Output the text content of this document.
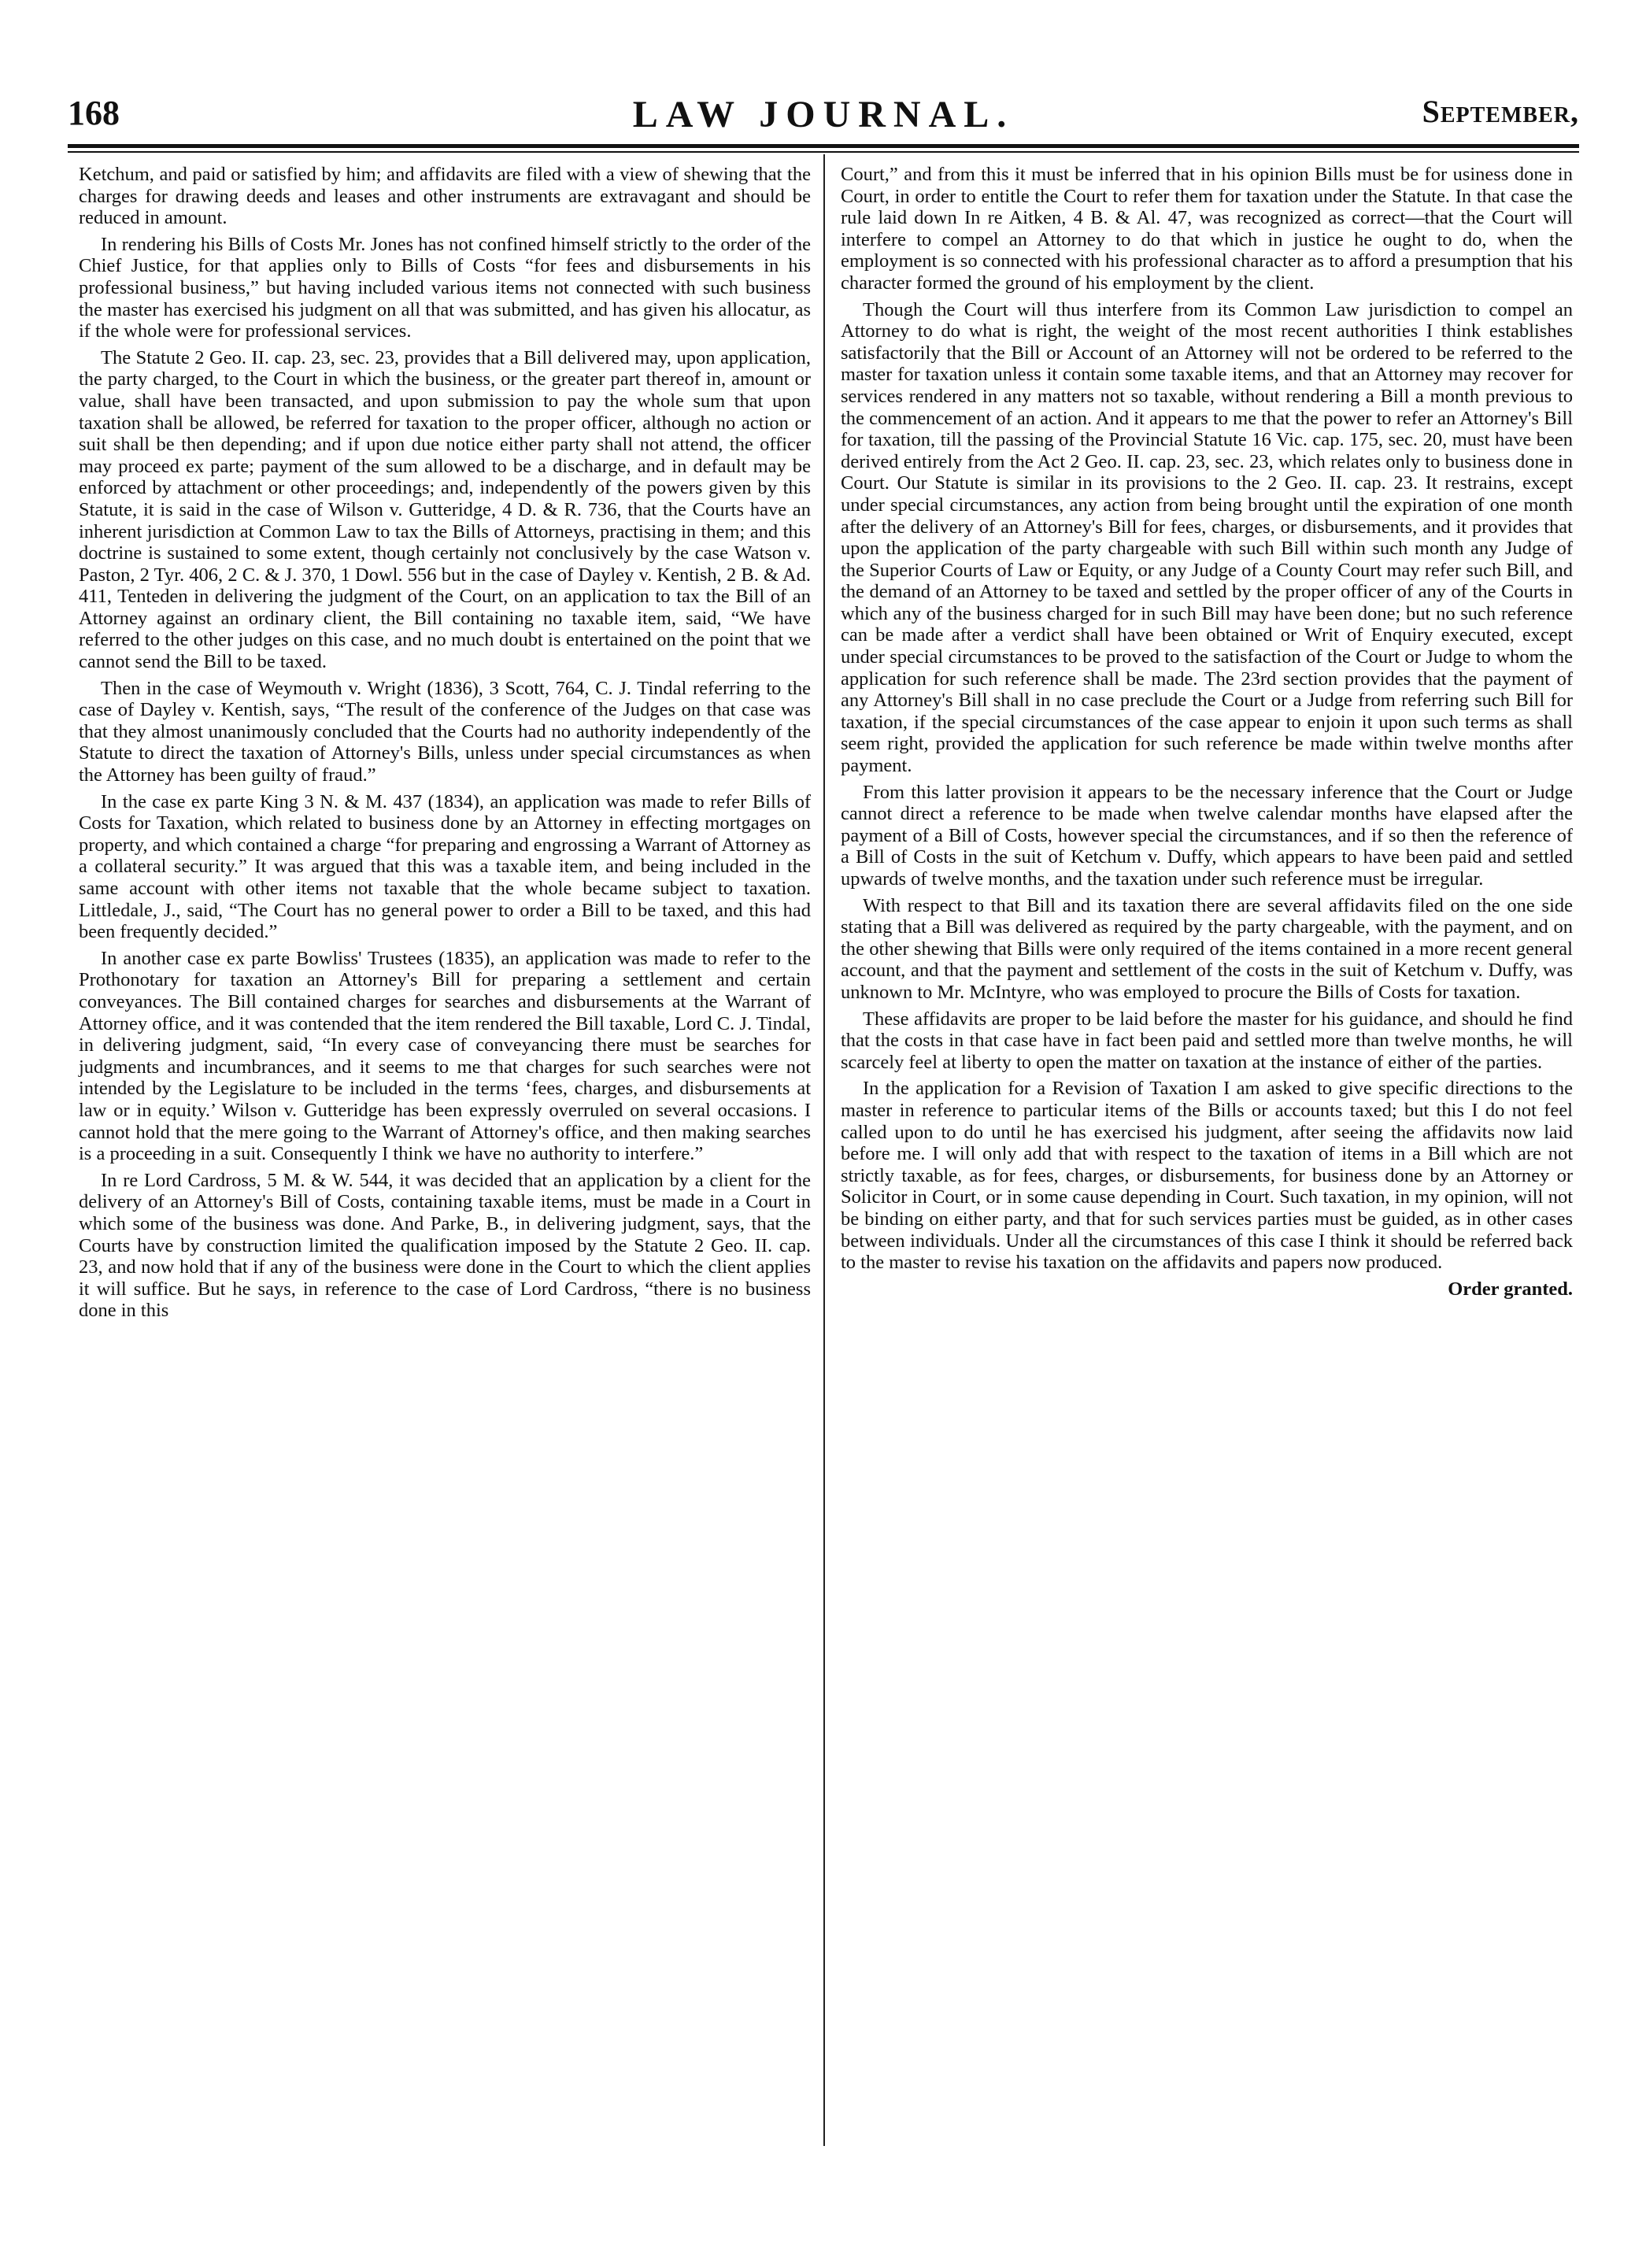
168	LAW JOURNAL.	September,

Ketchum, and paid or satisfied by him; and affidavits are filed with a view of shewing that the charges for drawing deeds and leases and other instruments are extravagant and should be reduced in amount.

In rendering his Bills of Costs Mr. Jones has not confined himself strictly to the order of the Chief Justice, for that applies only to Bills of Costs “for fees and disbursements in his professional business,” but having included various items not connected with such business the master has exercised his judgment on all that was submitted, and has given his allocatur, as if the whole were for professional services.

The Statute 2 Geo. II. cap. 23, sec. 23, provides that a Bill delivered may, upon application, the party charged, to the Court in which the business, or the greater part thereof in, amount or value, shall have been transacted, and upon submission to pay the whole sum that upon taxation shall be allowed, be referred for taxation to the proper officer, although no action or suit shall be then depending; and if upon due notice either party shall not attend, the officer may proceed ex parte; payment of the sum allowed to be a discharge, and in default may be enforced by attachment or other proceedings; and, independently of the powers given by this Statute, it is said in the case of Wilson v. Gutteridge, 4 D. & R. 736, that the Courts have an inherent jurisdiction at Common Law to tax the Bills of Attorneys, practising in them; and this doctrine is sustained to some extent, though certainly not conclusively by the case Watson v. Paston, 2 Tyr. 406, 2 C. & J. 370, 1 Dowl. 556 but in the case of Dayley v. Kentish, 2 B. & Ad. 411, Tenteden in delivering the judgment of the Court, on an application to tax the Bill of an Attorney against an ordinary client, the Bill containing no taxable item, said, “We have referred to the other judges on this case, and no much doubt is entertained on the point that we cannot send the Bill to be taxed.

Then in the case of Weymouth v. Wright (1836), 3 Scott, 764, C. J. Tindal referring to the case of Dayley v. Kentish, says, “The result of the conference of the Judges on that case was that they almost unanimously concluded that the Courts had no authority independently of the Statute to direct the taxation of Attorney's Bills, unless under special circumstances as when the Attorney has been guilty of fraud.”

In the case ex parte King 3 N. & M. 437 (1834), an application was made to refer Bills of Costs for Taxation, which related to business done by an Attorney in effecting mortgages on property, and which contained a charge “for preparing and engrossing a Warrant of Attorney as a collateral security.” It was argued that this was a taxable item, and being included in the same account with other items not taxable that the whole became subject to taxation. Littledale, J., said, “The Court has no general power to order a Bill to be taxed, and this had been frequently decided.”

In another case ex parte Bowliss' Trustees (1835), an application was made to refer to the Prothonotary for taxation an Attorney's Bill for preparing a settlement and certain conveyances. The Bill contained charges for searches and disbursements at the Warrant of Attorney office, and it was contended that the item rendered the Bill taxable, Lord C. J. Tindal, in delivering judgment, said, “In every case of conveyancing there must be searches for judgments and incumbrances, and it seems to me that charges for such searches were not intended by the Legislature to be included in the terms ‘fees, charges, and disbursements at law or in equity.’ Wilson v. Gutteridge has been expressly overruled on several occasions. I cannot hold that the mere going to the Warrant of Attorney's office, and then making searches is a proceeding in a suit. Consequently I think we have no authority to interfere.”

In re Lord Cardross, 5 M. & W. 544, it was decided that an application by a client for the delivery of an Attorney's Bill of Costs, containing taxable items, must be made in a Court in which some of the business was done. And Parke, B., in delivering judgment, says, that the Courts have by construction limited the qualification imposed by the Statute 2 Geo. II. cap. 23, and now hold that if any of the business were done in the Court to which the client applies it will suffice. But he says, in reference to the case of Lord Cardross, “there is no business done in this

Court,” and from this it must be inferred that in his opinion Bills must be for usiness done in Court, in order to entitle the Court to refer them for taxation under the Statute. In that case the rule laid down In re Aitken, 4 B. & Al. 47, was recognized as correct—that the Court will interfere to compel an Attorney to do that which in justice he ought to do, when the employment is so connected with his professional character as to afford a presumption that his character formed the ground of his employment by the client.

Though the Court will thus interfere from its Common Law jurisdiction to compel an Attorney to do what is right, the weight of the most recent authorities I think establishes satisfactorily that the Bill or Account of an Attorney will not be ordered to be referred to the master for taxation unless it contain some taxable items, and that an Attorney may recover for services rendered in any matters not so taxable, without rendering a Bill a month previous to the commencement of an action. And it appears to me that the power to refer an Attorney's Bill for taxation, till the passing of the Provincial Statute 16 Vic. cap. 175, sec. 20, must have been derived entirely from the Act 2 Geo. II. cap. 23, sec. 23, which relates only to business done in Court. Our Statute is similar in its provisions to the 2 Geo. II. cap. 23. It restrains, except under special circumstances, any action from being brought until the expiration of one month after the delivery of an Attorney's Bill for fees, charges, or disbursements, and it provides that upon the application of the party chargeable with such Bill within such month any Judge of the Superior Courts of Law or Equity, or any Judge of a County Court may refer such Bill, and the demand of an Attorney to be taxed and settled by the proper officer of any of the Courts in which any of the business charged for in such Bill may have been done; but no such reference can be made after a verdict shall have been obtained or Writ of Enquiry executed, except under special circumstances to be proved to the satisfaction of the Court or Judge to whom the application for such reference shall be made. The 23rd section provides that the payment of any Attorney's Bill shall in no case preclude the Court or a Judge from referring such Bill for taxation, if the special circumstances of the case appear to enjoin it upon such terms as shall seem right, provided the application for such reference be made within twelve months after payment.

From this latter provision it appears to be the necessary inference that the Court or Judge cannot direct a reference to be made when twelve calendar months have elapsed after the payment of a Bill of Costs, however special the circumstances, and if so then the reference of a Bill of Costs in the suit of Ketchum v. Duffy, which appears to have been paid and settled upwards of twelve months, and the taxation under such reference must be irregular.

With respect to that Bill and its taxation there are several affidavits filed on the one side stating that a Bill was delivered as required by the party chargeable, with the payment, and on the other shewing that Bills were only required of the items contained in a more recent general account, and that the payment and settlement of the costs in the suit of Ketchum v. Duffy, was unknown to Mr. McIntyre, who was employed to procure the Bills of Costs for taxation.

These affidavits are proper to be laid before the master for his guidance, and should he find that the costs in that case have in fact been paid and settled more than twelve months, he will scarcely feel at liberty to open the matter on taxation at the instance of either of the parties.

In the application for a Revision of Taxation I am asked to give specific directions to the master in reference to particular items of the Bills or accounts taxed; but this I do not feel called upon to do until he has exercised his judgment, after seeing the affidavits now laid before me. I will only add that with respect to the taxation of items in a Bill which are not strictly taxable, as for fees, charges, or disbursements, for business done by an Attorney or Solicitor in Court, or in some cause depending in Court. Such taxation, in my opinion, will not be binding on either party, and that for such services parties must be guided, as in other cases between individuals. Under all the circumstances of this case I think it should be referred back to the master to revise his taxation on the affidavits and papers now produced.

Order granted.
